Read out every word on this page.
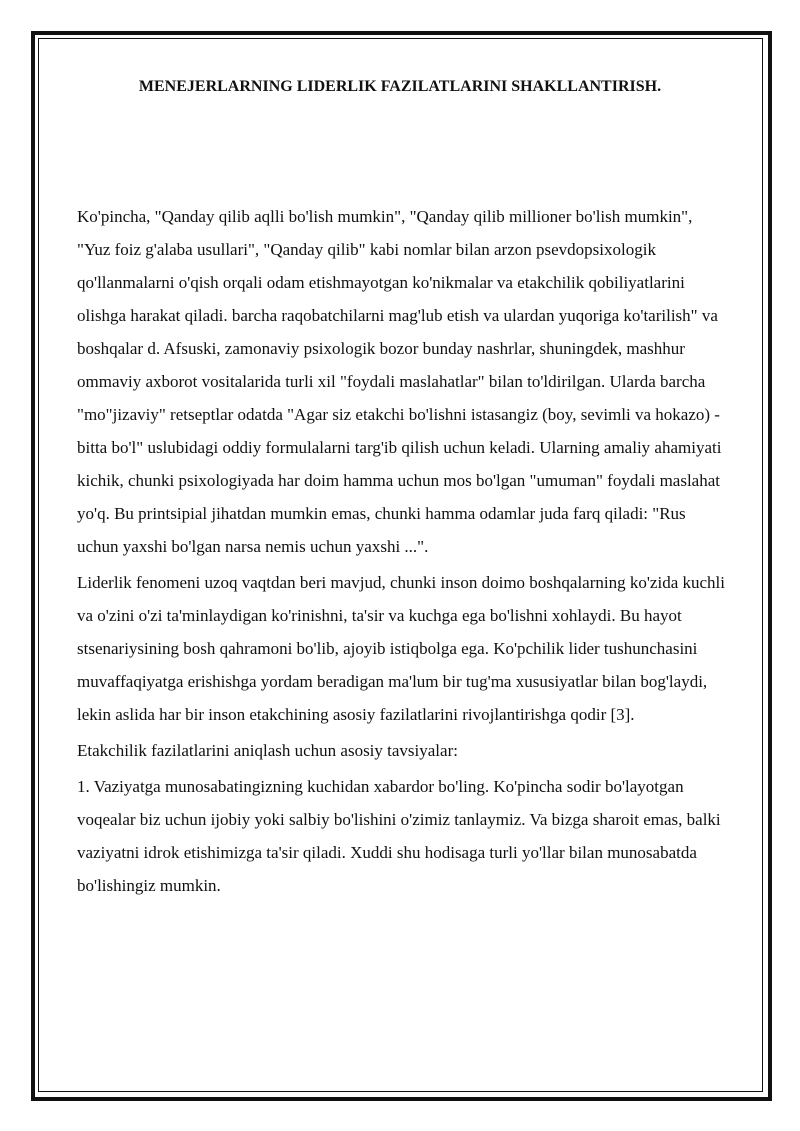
MENEJERLARNING LIDERLIK FAZILATLARINI SHAKLLANTIRISH.

Ko'pincha, "Qanday qilib aqlli bo'lish mumkin", "Qanday qilib millioner bo'lish mumkin", "Yuz foiz g'alaba usullari", "Qanday qilib" kabi nomlar bilan arzon psevdopsixologik qo'llanmalarni o'qish orqali odam etishmayotgan ko'nikmalar va etakchilik qobiliyatlarini olishga harakat qiladi. barcha raqobatchilarni mag'lub etish va ulardan yuqoriga ko'tarilish" va boshqalar d. Afsuski, zamonaviy psixologik bozor bunday nashrlar, shuningdek, mashhur ommaviy axborot vositalarida turli xil "foydali maslahatlar" bilan to'ldirilgan. Ularda barcha "mo"jizaviy" retseptlar odatda "Agar siz etakchi bo'lishni istasangiz (boy, sevimli va hokazo) - bitta bo'l" uslubidagi oddiy formulalarni targ'ib qilish uchun keladi. Ularning amaliy ahamiyati kichik, chunki psixologiyada har doim hamma uchun mos bo'lgan "umuman" foydali maslahat yo'q. Bu printsipial jihatdan mumkin emas, chunki hamma odamlar juda farq qiladi: "Rus uchun yaxshi bo'lgan narsa nemis uchun yaxshi ...".

Liderlik fenomeni uzoq vaqtdan beri mavjud, chunki inson doimo boshqalarning ko'zida kuchli va o'zini o'zi ta'minlaydigan ko'rinishni, ta'sir va kuchga ega bo'lishni xohlaydi. Bu hayot stsenariysining bosh qahramoni bo'lib, ajoyib istiqbolga ega. Ko'pchilik lider tushunchasini muvaffaqiyatga erishishga yordam beradigan ma'lum bir tug'ma xususiyatlar bilan bog'laydi, lekin aslida har bir inson etakchining asosiy fazilatlarini rivojlantirishga qodir [3].

Etakchilik fazilatlarini aniqlash uchun asosiy tavsiyalar:

1. Vaziyatga munosabatingizning kuchidan xabardor bo'ling. Ko'pincha sodir bo'layotgan voqealar biz uchun ijobiy yoki salbiy bo'lishini o'zimiz tanlaymiz. Va bizga sharoit emas, balki vaziyatni idrok etishimizga ta'sir qiladi. Xuddi shu hodisaga turli yo'llar bilan munosabatda bo'lishingiz mumkin.
